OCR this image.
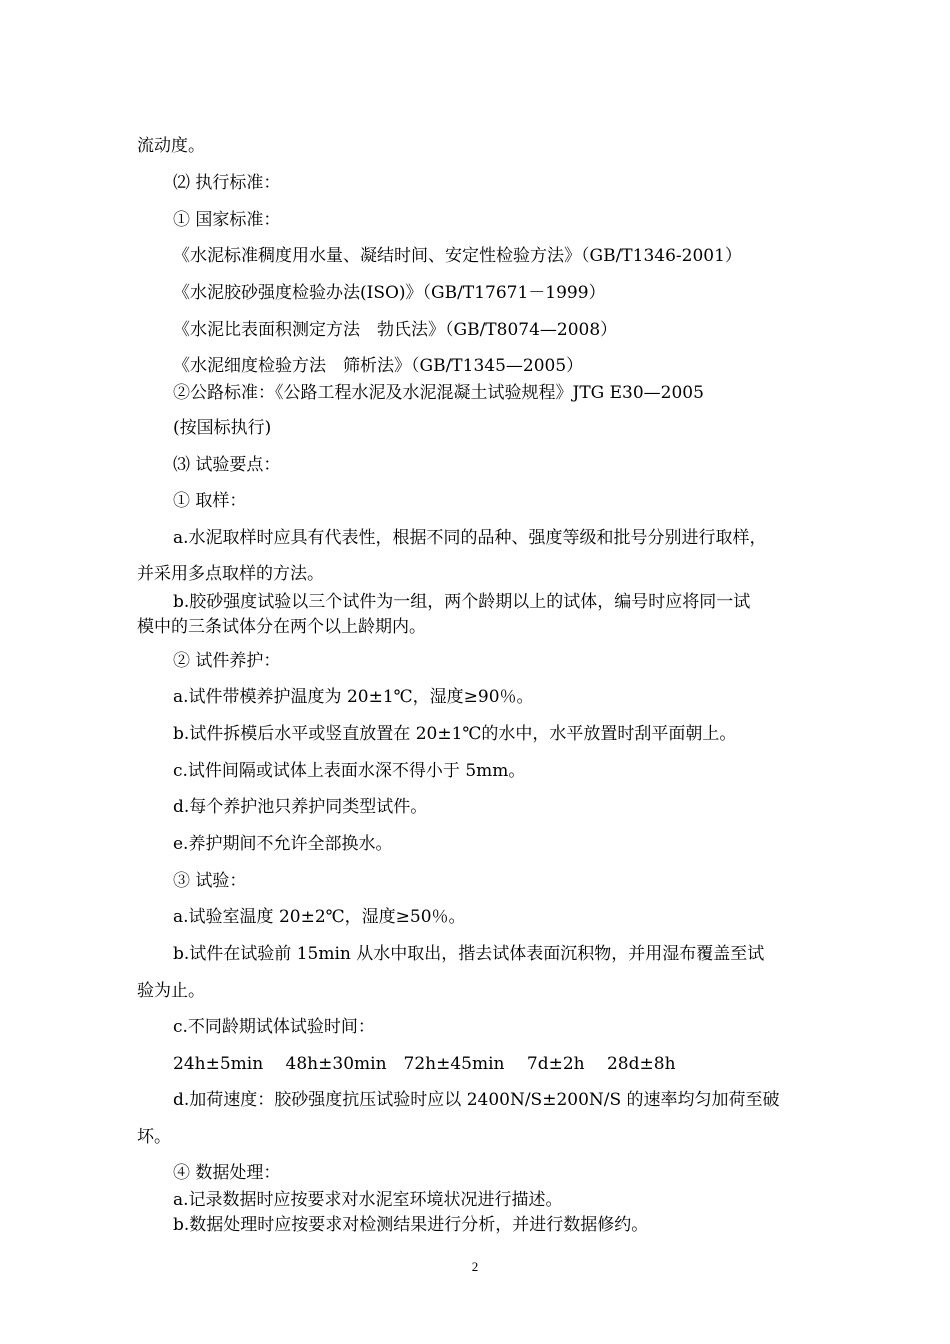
流动度。
⑵ 执行标准：
① 国家标准：
《水泥标准稠度用水量、凝结时间、安定性检验方法》（GB/T1346-2001）
《水泥胶砂强度检验办法(ISO)》（GB/T17671－1999）
《水泥比表面积测定方法　勃氏法》（GB/T8074—2008）
《水泥细度检验方法　筛析法》（GB/T1345—2005）
②公路标准：《公路工程水泥及水泥混凝土试验规程》JTG E30—2005
(按国标执行)
⑶ 试验要点：
① 取样：
a.水泥取样时应具有代表性，根据不同的品种、强度等级和批号分别进行取样，
并采用多点取样的方法。
b.胶砂强度试验以三个试件为一组，两个龄期以上的试体，编号时应将同一试
模中的三条试体分在两个以上龄期内。
② 试件养护：
a.试件带模养护温度为 20±1℃，湿度≥90％。
b.试件拆模后水平或竖直放置在 20±1℃的水中，水平放置时刮平面朝上。
c.试件间隔或试体上表面水深不得小于 5mm。
d.每个养护池只养护同类型试件。
e.养护期间不允许全部换水。
③ 试验：
a.试验室温度 20±2℃，湿度≥50％。
b.试件在试验前 15min 从水中取出，揩去试体表面沉积物，并用湿布覆盖至试
验为止。
c.不同龄期试体试验时间：
24h±5min　 48h±30min　72h±45min　 7d±2h　 28d±8h
d.加荷速度：胶砂强度抗压试验时应以 2400N/S±200N/S 的速率均匀加荷至破
坏。
④ 数据处理：
a.记录数据时应按要求对水泥室环境状况进行描述。
b.数据处理时应按要求对检测结果进行分析，并进行数据修约。
2
